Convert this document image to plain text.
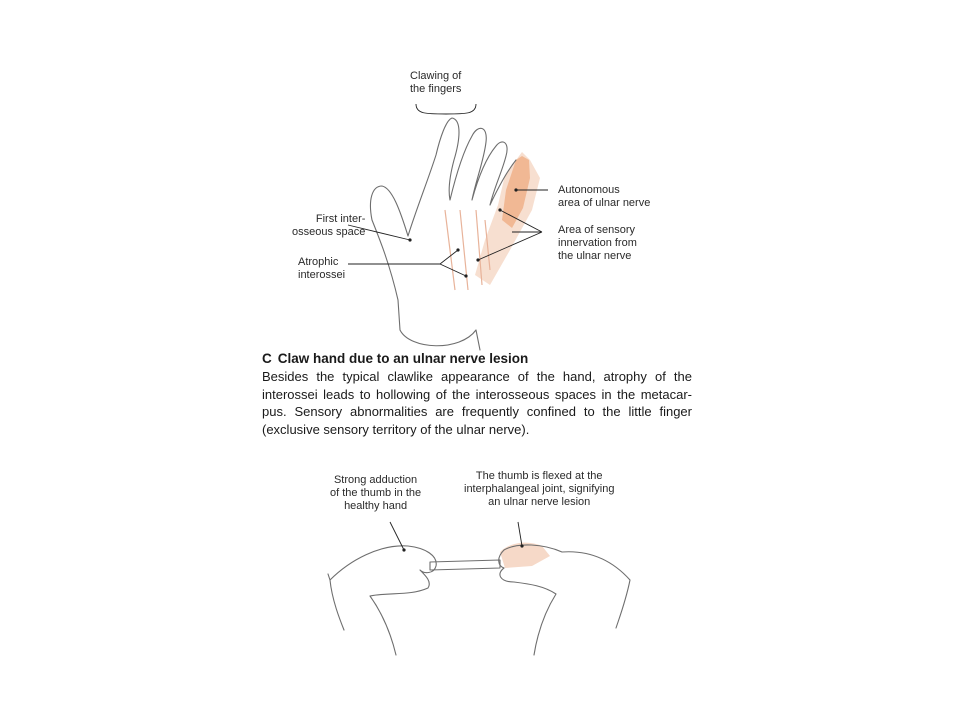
Clawing of
the fingers
Autonomous
area of ulnar nerve
First inter-
osseous space	Area of sensory
innervation from
the ulnar nerve
Atrophic
interossei
C Claw hand due to an ulnar nerve lesion
Besides the typical clawlike appearance of the hand, atrophy of the interossei leads to hollowing of the interosseous spaces in the metacar-pus. Sensory abnormalities are frequently confined to the little finger (exclusive sensory territory of the ulnar nerve).
Strong adduction
of the thumb in the
healthy hand
The thumb is flexed at the
interphalangeal joint, signifying
an ulnar nerve lesion
